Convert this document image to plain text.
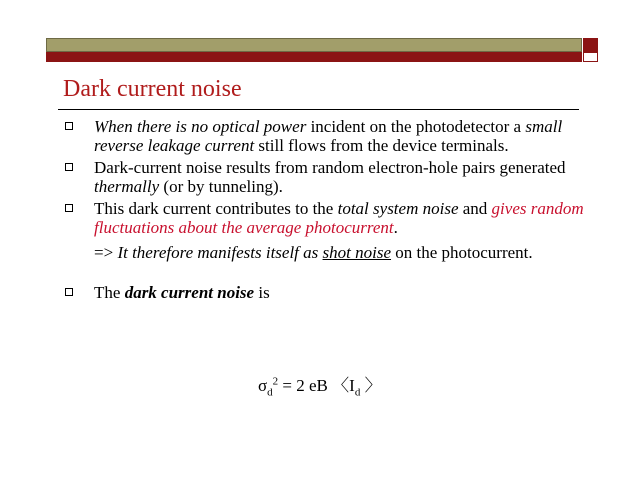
Dark current noise
When there is no optical power incident on the photodetector a small reverse leakage current still flows from the device terminals.
Dark-current noise results from random electron-hole pairs generated thermally (or by tunneling).
This dark current contributes to the total system noise and gives random fluctuations about the average photocurrent.
=> It therefore manifests itself as shot noise on the photocurrent.
The dark current noise is
$\sigma_d^2 = 2$ eB 〈$I_d$ 〉
